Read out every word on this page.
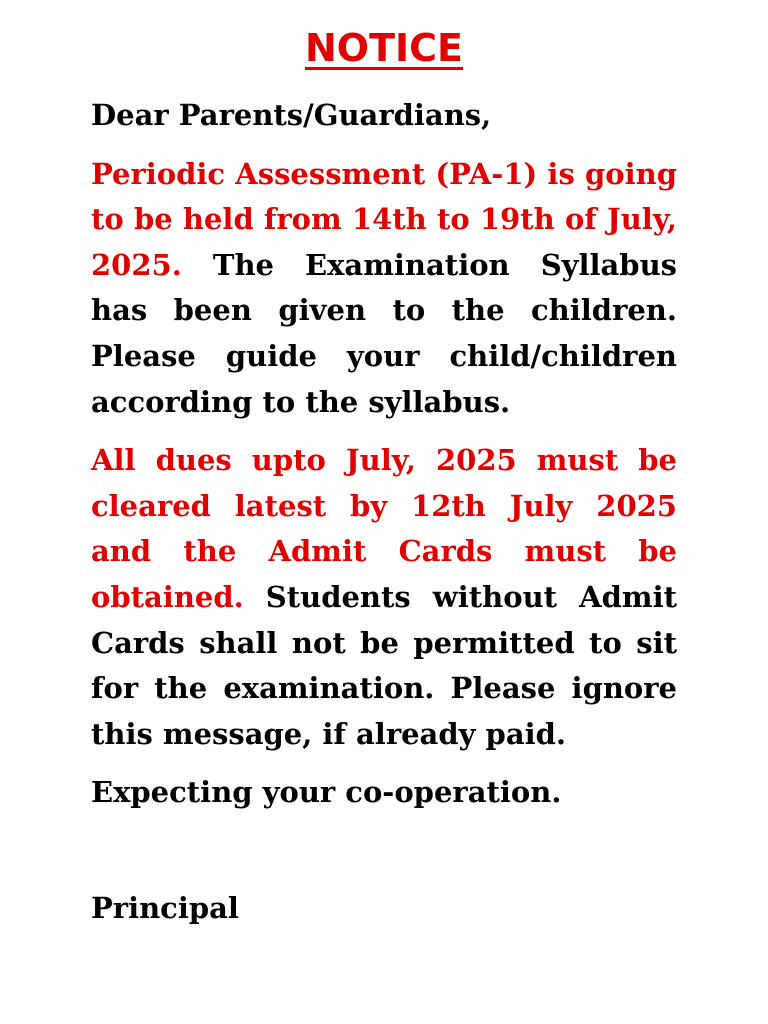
NOTICE

Dear Parents/Guardians,

Periodic Assessment (PA-1) is going to be held from 14th to 19th of July, 2025. The Examination Syllabus has been given to the children. Please guide your child/children according to the syllabus.

All dues upto July, 2025 must be cleared latest by 12th July 2025 and the Admit Cards must be obtained. Students without Admit Cards shall not be permitted to sit for the examination. Please ignore this message, if already paid.

Expecting your co-operation.

Principal
